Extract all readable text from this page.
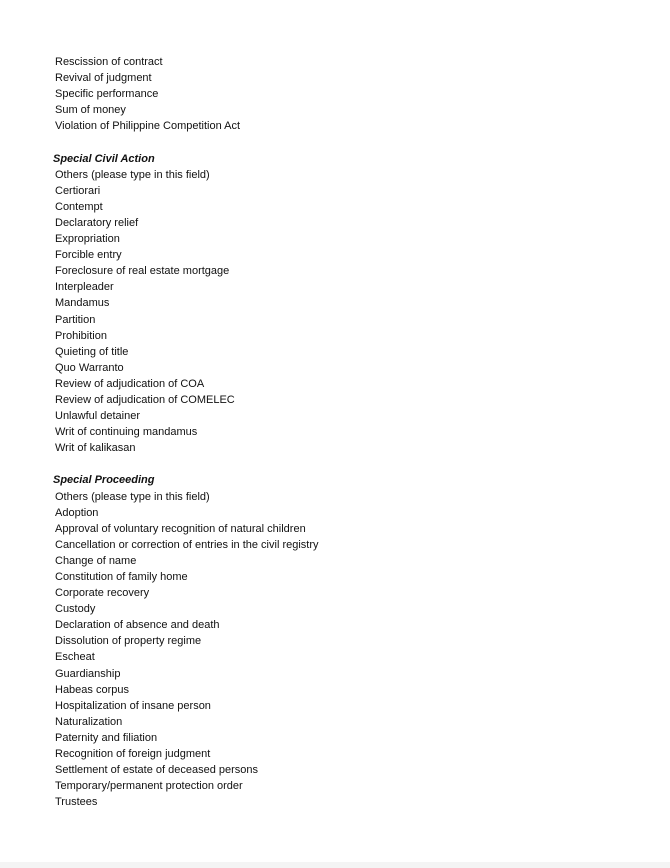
Rescission of contract
Revival of judgment
Specific performance
Sum of money
Violation of Philippine Competition Act
Special Civil Action
Others (please type in this field)
Certiorari
Contempt
Declaratory relief
Expropriation
Forcible entry
Foreclosure of real estate mortgage
Interpleader
Mandamus
Partition
Prohibition
Quieting of title
Quo Warranto
Review of adjudication of COA
Review of adjudication of COMELEC
Unlawful detainer
Writ of continuing mandamus
Writ of kalikasan
Special Proceeding
Others (please type in this field)
Adoption
Approval of voluntary recognition of natural children
Cancellation or correction of entries in the civil registry
Change of name
Constitution of family home
Corporate recovery
Custody
Declaration of absence and death
Dissolution of property regime
Escheat
Guardianship
Habeas corpus
Hospitalization of insane person
Naturalization
Paternity and filiation
Recognition of foreign judgment
Settlement of estate of deceased persons
Temporary/permanent protection order
Trustees
